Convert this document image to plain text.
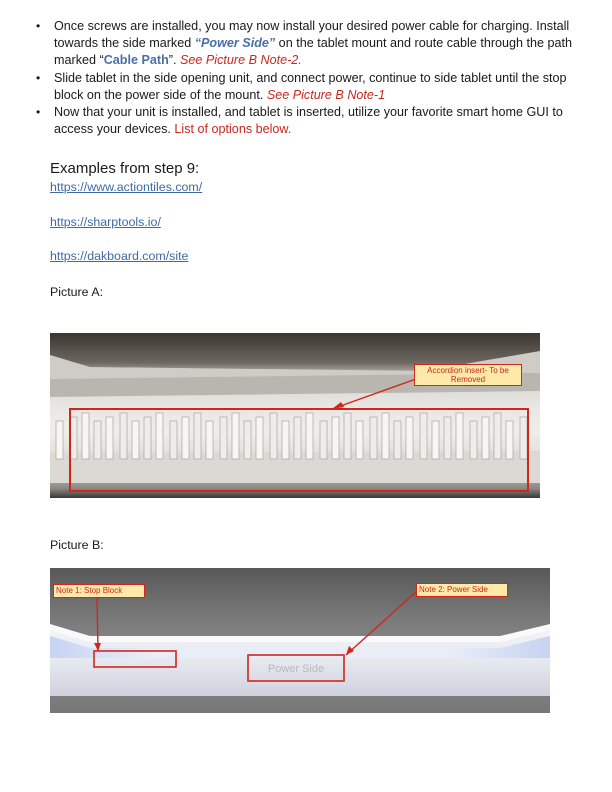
• Once screws are installed, you may now install your desired power cable for charging. Install towards the side marked “Power Side” on the tablet mount and route cable through the path marked “Cable Path”. See Picture B Note-2.
• Slide tablet in the side opening unit, and connect power, continue to side tablet until the stop block on the power side of the mount. See Picture B Note-1
• Now that your unit is installed, and tablet is inserted, utilize your favorite smart home GUI to access your devices. List of options below.

Examples from step 9:

https://www.actiontiles.com/
https://sharptools.io/
https://dakboard.com/site
Picture A:
Accordion insert- To be Removed
Picture B:
Power Side
Note 1: Stop Block	Note 2: Power Side
